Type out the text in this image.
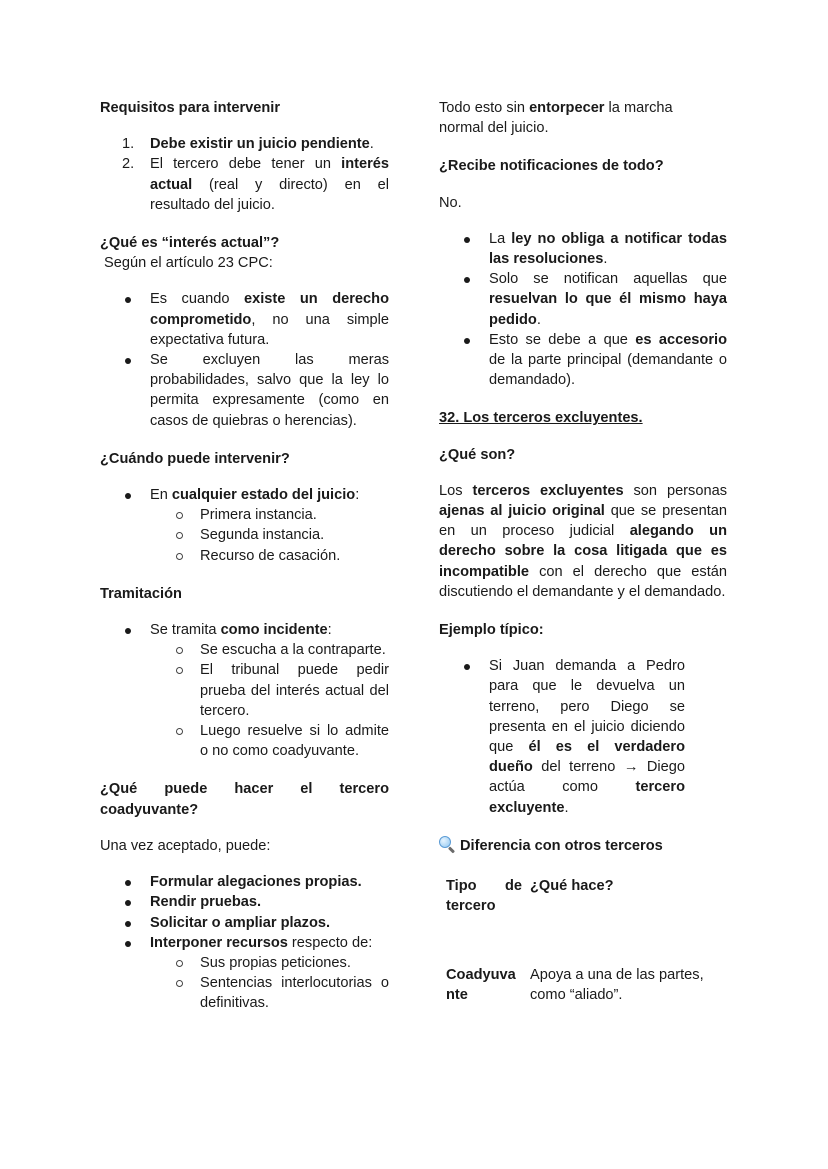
Requisitos para intervenir

1. Debe existir un juicio pendiente.
2. El tercero debe tener un interés actual (real y directo) en el resultado del juicio.

¿Qué es “interés actual”?

Según el artículo 23 CPC:

Es cuando existe un derecho comprometido, no una simple expectativa futura.
Se excluyen las meras probabilidades, salvo que la ley lo permita expresamente (como en casos de quiebras o herencias).

¿Cuándo puede intervenir?

En cualquier estado del juicio:
Primera instancia.
Segunda instancia.
Recurso de casación.

Tramitación

Se tramita como incidente:
Se escucha a la contraparte.
El tribunal puede pedir prueba del interés actual del tercero.
Luego resuelve si lo admite o no como coadyuvante.

¿Qué puede hacer el tercero coadyuvante?

Una vez aceptado, puede:

Formular alegaciones propias.
Rendir pruebas.
Solicitar o ampliar plazos.
Interponer recursos respecto de:
Sus propias peticiones.
Sentencias interlocutorias o definitivas.

Todo esto sin entorpecer la marcha normal del juicio.

¿Recibe notificaciones de todo?

No.

La ley no obliga a notificar todas las resoluciones.
Solo se notifican aquellas que resuelvan lo que él mismo haya pedido.
Esto se debe a que es accesorio de la parte principal (demandante o demandado).

32. Los terceros excluyentes.

¿Qué son?

Los terceros excluyentes son personas ajenas al juicio original que se presentan en un proceso judicial alegando un derecho sobre la cosa litigada que es incompatible con el derecho que están discutiendo el demandante y el demandado.

Ejemplo típico:

Si Juan demanda a Pedro para que le devuelva un terreno, pero Diego se presenta en el juicio diciendo que él es el verdadero dueño del terreno → Diego actúa como tercero excluyente.

Diferencia con otros terceros

Tipo de tercero	¿Qué hace?

Coadyuvante	Apoya a una de las partes, como “aliado”.
